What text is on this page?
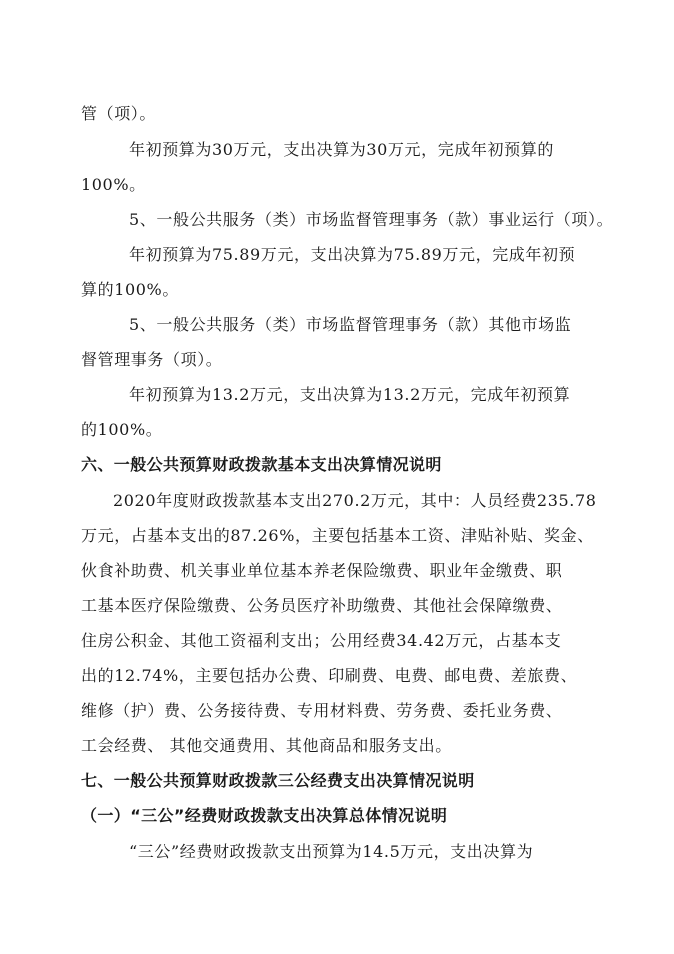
管（项）。
年初预算为30万元，支出决算为30万元，完成年初预算的
100%。
5、一般公共服务（类）市场监督管理事务（款）事业运行（项）。
年初预算为75.89万元，支出决算为75.89万元，完成年初预
算的100%。
5、一般公共服务（类）市场监督管理事务（款）其他市场监
督管理事务（项）。
年初预算为13.2万元，支出决算为13.2万元，完成年初预算
的100%。
六、一般公共预算财政拨款基本支出决算情况说明
2020年度财政拨款基本支出270.2万元，其中：人员经费235.78
万元，占基本支出的87.26%，主要包括基本工资、津贴补贴、奖金、
伙食补助费、机关事业单位基本养老保险缴费、职业年金缴费、职
工基本医疗保险缴费、公务员医疗补助缴费、其他社会保障缴费、
住房公积金、其他工资福利支出；公用经费34.42万元，占基本支
出的12.74%，主要包括办公费、印刷费、电费、邮电费、差旅费、
维修（护）费、公务接待费、专用材料费、劳务费、委托业务费、
工会经费、 其他交通费用、其他商品和服务支出。
七、一般公共预算财政拨款三公经费支出决算情况说明
（一）“三公”经费财政拨款支出决算总体情况说明
“三公”经费财政拨款支出预算为14.5万元，支出决算为
